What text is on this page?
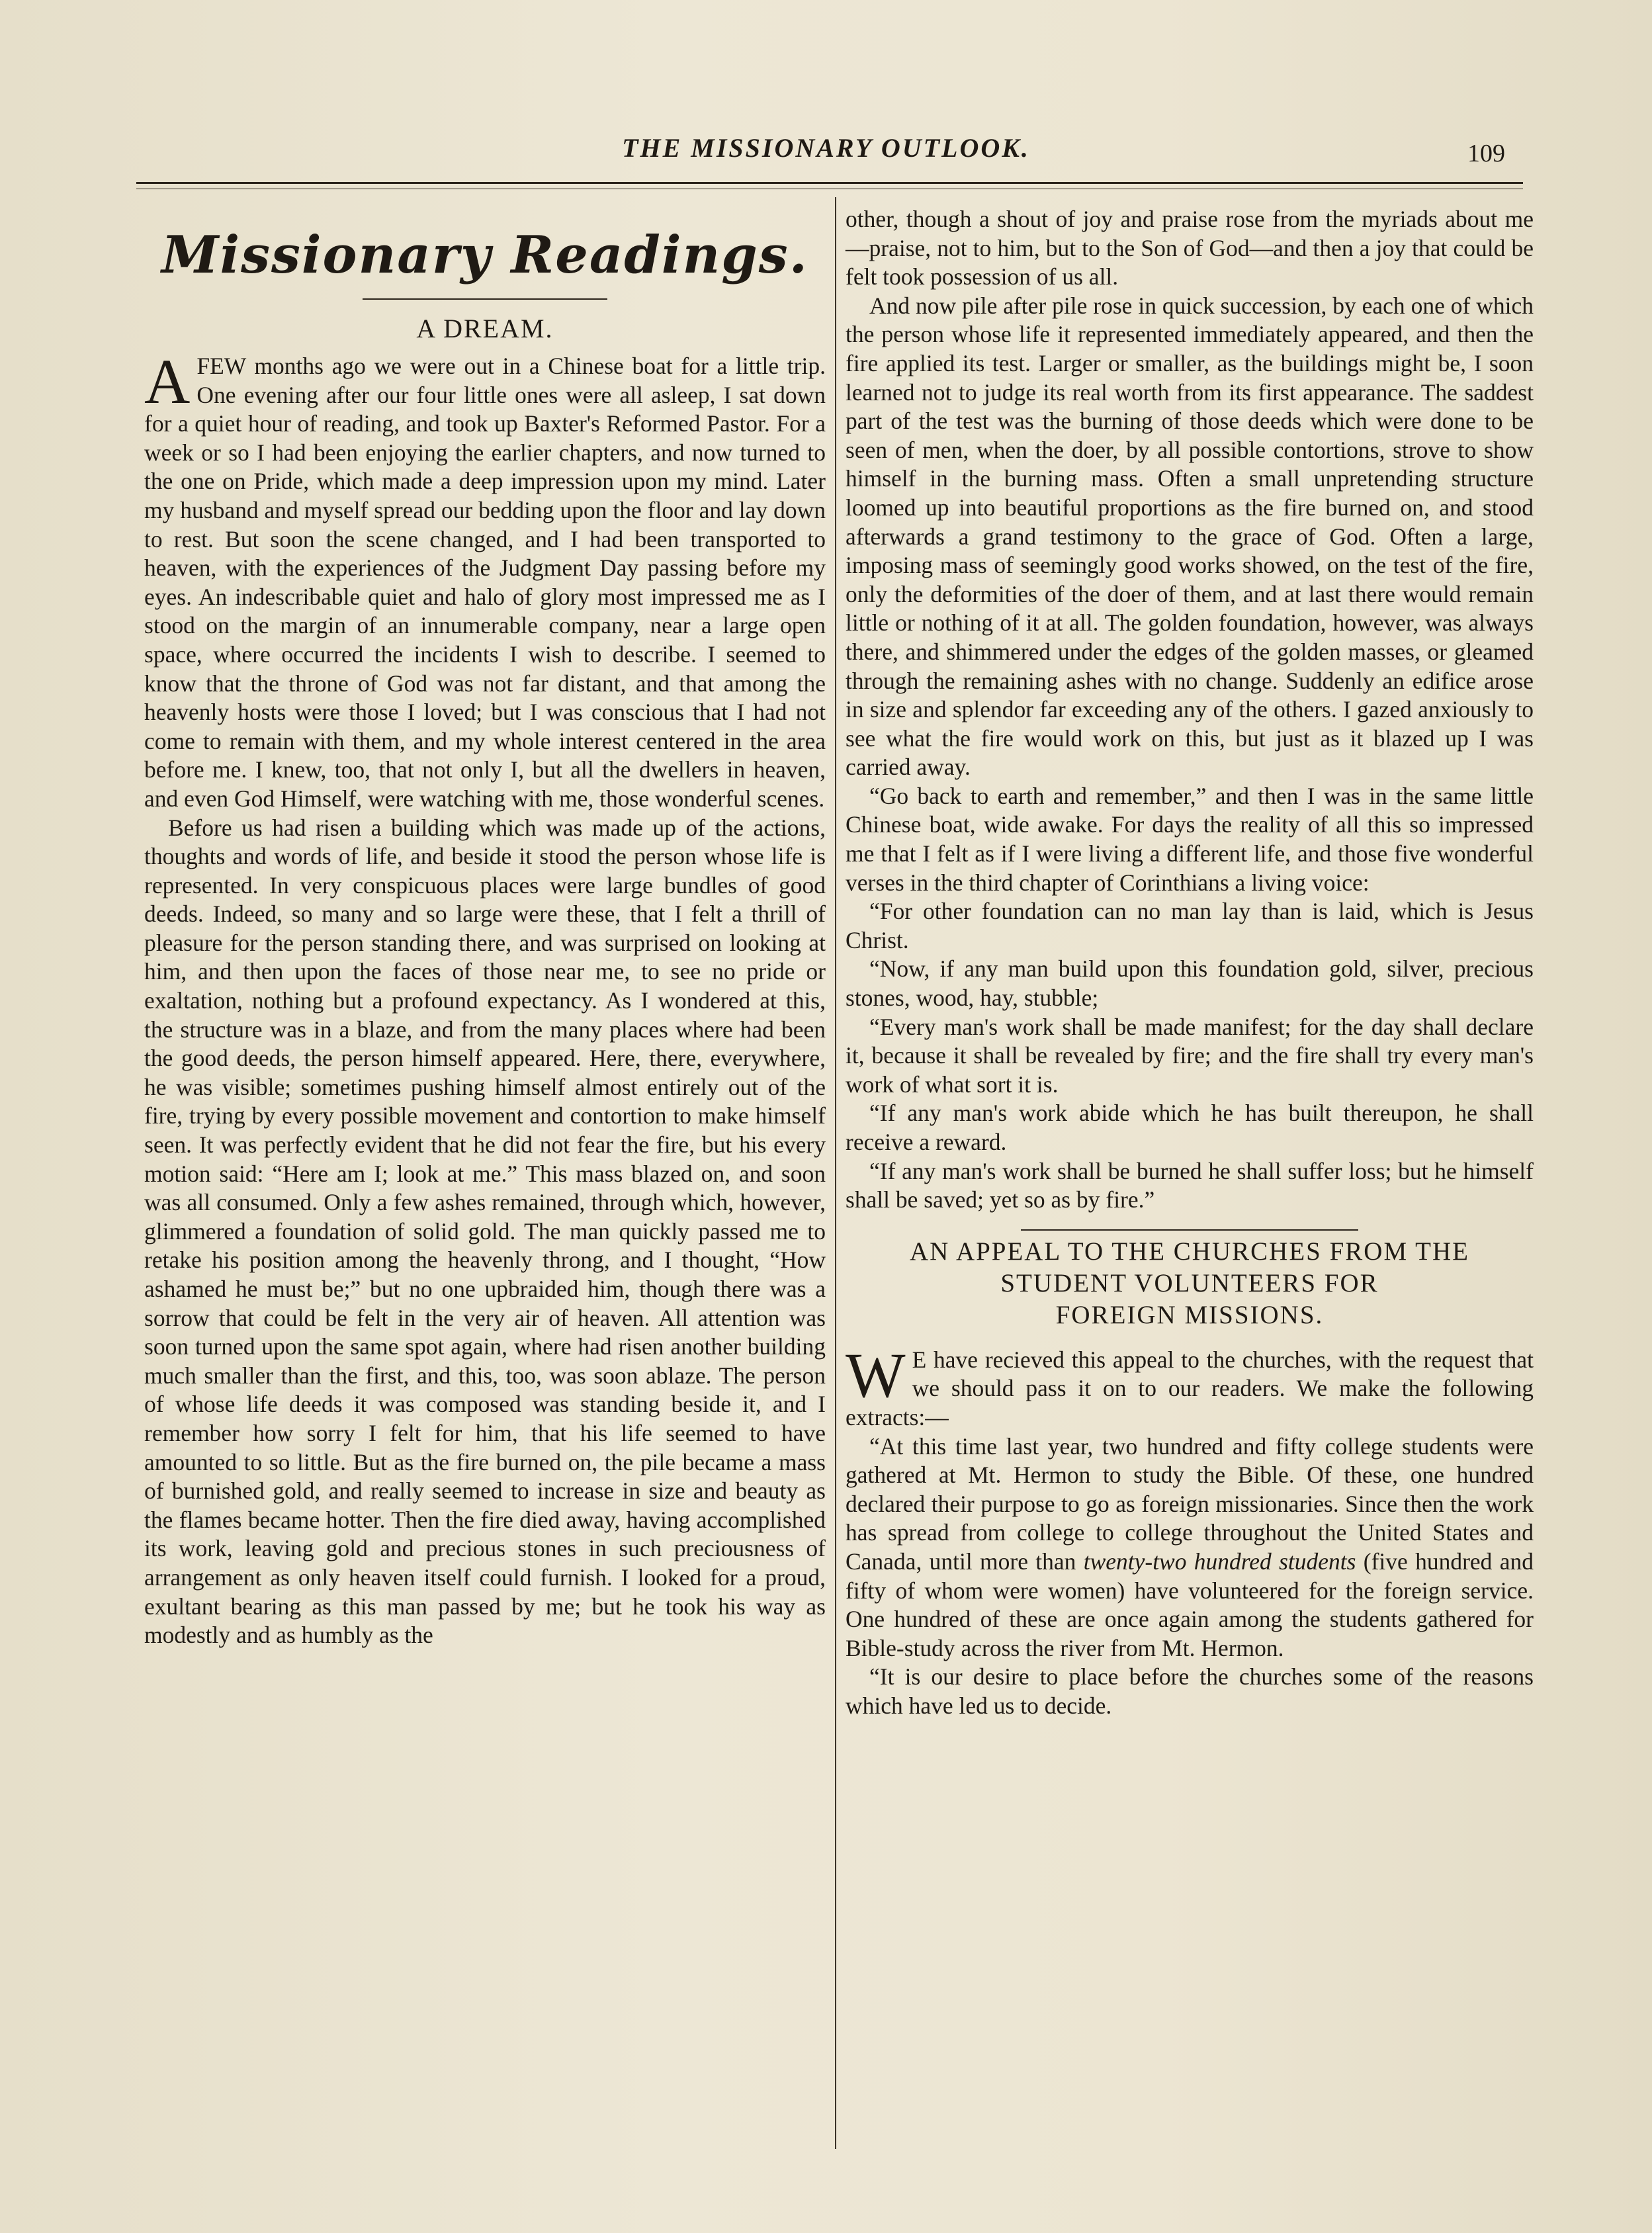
THE MISSIONARY OUTLOOK.	109
Missionary Readings.
A DREAM.

AFEW months ago we were out in a Chinese boat for a little trip. One evening after our four little ones were all asleep, I sat down for a quiet hour of reading, and took up Baxter's Reformed Pastor. For a week or so I had been enjoying the earlier chapters, and now turned to the one on Pride, which made a deep impression upon my mind. Later my husband and myself spread our bedding upon the floor and lay down to rest. But soon the scene changed, and I had been transported to heaven, with the experiences of the Judgment Day passing before my eyes. An indescribable quiet and halo of glory most impressed me as I stood on the margin of an innumerable company, near a large open space, where occurred the incidents I wish to describe. I seemed to know that the throne of God was not far distant, and that among the heavenly hosts were those I loved; but I was conscious that I had not come to remain with them, and my whole interest centered in the area before me. I knew, too, that not only I, but all the dwellers in heaven, and even God Himself, were watching with me, those wonderful scenes.

Before us had risen a building which was made up of the actions, thoughts and words of life, and beside it stood the person whose life is represented. In very conspicuous places were large bundles of good deeds. Indeed, so many and so large were these, that I felt a thrill of pleasure for the person standing there, and was surprised on looking at him, and then upon the faces of those near me, to see no pride or exaltation, nothing but a profound expectancy. As I wondered at this, the structure was in a blaze, and from the many places where had been the good deeds, the person himself appeared. Here, there, everywhere, he was visible; sometimes pushing himself almost entirely out of the fire, trying by every possible movement and contortion to make himself seen. It was perfectly evident that he did not fear the fire, but his every motion said: “Here am I; look at me.” This mass blazed on, and soon was all consumed. Only a few ashes remained, through which, however, glimmered a foundation of solid gold. The man quickly passed me to retake his position among the heavenly throng, and I thought, “How ashamed he must be;” but no one upbraided him, though there was a sorrow that could be felt in the very air of heaven. All attention was soon turned upon the same spot again, where had risen another building much smaller than the first, and this, too, was soon ablaze. The person of whose life deeds it was composed was standing beside it, and I remember how sorry I felt for him, that his life seemed to have amounted to so little. But as the fire burned on, the pile became a mass of burnished gold, and really seemed to increase in size and beauty as the flames became hotter. Then the fire died away, having accomplished its work, leaving gold and precious stones in such preciousness of arrangement as only heaven itself could furnish. I looked for a proud, exultant bearing as this man passed by me; but he took his way as modestly and as humbly as the

other, though a shout of joy and praise rose from the myriads about me—praise, not to him, but to the Son of God—and then a joy that could be felt took possession of us all.

And now pile after pile rose in quick succession, by each one of which the person whose life it represented immediately appeared, and then the fire applied its test. Larger or smaller, as the buildings might be, I soon learned not to judge its real worth from its first appearance. The saddest part of the test was the burning of those deeds which were done to be seen of men, when the doer, by all possible contortions, strove to show himself in the burning mass. Often a small unpretending structure loomed up into beautiful proportions as the fire burned on, and stood afterwards a grand testimony to the grace of God. Often a large, imposing mass of seemingly good works showed, on the test of the fire, only the deformities of the doer of them, and at last there would remain little or nothing of it at all. The golden foundation, however, was always there, and shimmered under the edges of the golden masses, or gleamed through the remaining ashes with no change. Suddenly an edifice arose in size and splendor far exceeding any of the others. I gazed anxiously to see what the fire would work on this, but just as it blazed up I was carried away.

“Go back to earth and remember,” and then I was in the same little Chinese boat, wide awake. For days the reality of all this so impressed me that I felt as if I were living a different life, and those five wonderful verses in the third chapter of Corinthians a living voice:

“For other foundation can no man lay than is laid, which is Jesus Christ.

“Now, if any man build upon this foundation gold, silver, precious stones, wood, hay, stubble;

“Every man's work shall be made manifest; for the day shall declare it, because it shall be revealed by fire; and the fire shall try every man's work of what sort it is.

“If any man's work abide which he has built thereupon, he shall receive a reward.

“If any man's work shall be burned he shall suffer loss; but he himself shall be saved; yet so as by fire.”

AN APPEAL TO THE CHURCHES FROM THE
STUDENT VOLUNTEERS FOR
FOREIGN MISSIONS.

W E have recieved this appeal to the churches, with the request that we should pass it on to our readers. We make the following extracts:—

“At this time last year, two hundred and fifty college students were gathered at Mt. Hermon to study the Bible. Of these, one hundred declared their purpose to go as foreign missionaries. Since then the work has spread from college to college throughout the United States and Canada, until more than twenty-two hundred students (five hundred and fifty of whom were women) have volunteered for the foreign service. One hundred of these are once again among the students gathered for Bible-study across the river from Mt. Hermon.

“It is our desire to place before the churches some of the reasons which have led us to decide.
